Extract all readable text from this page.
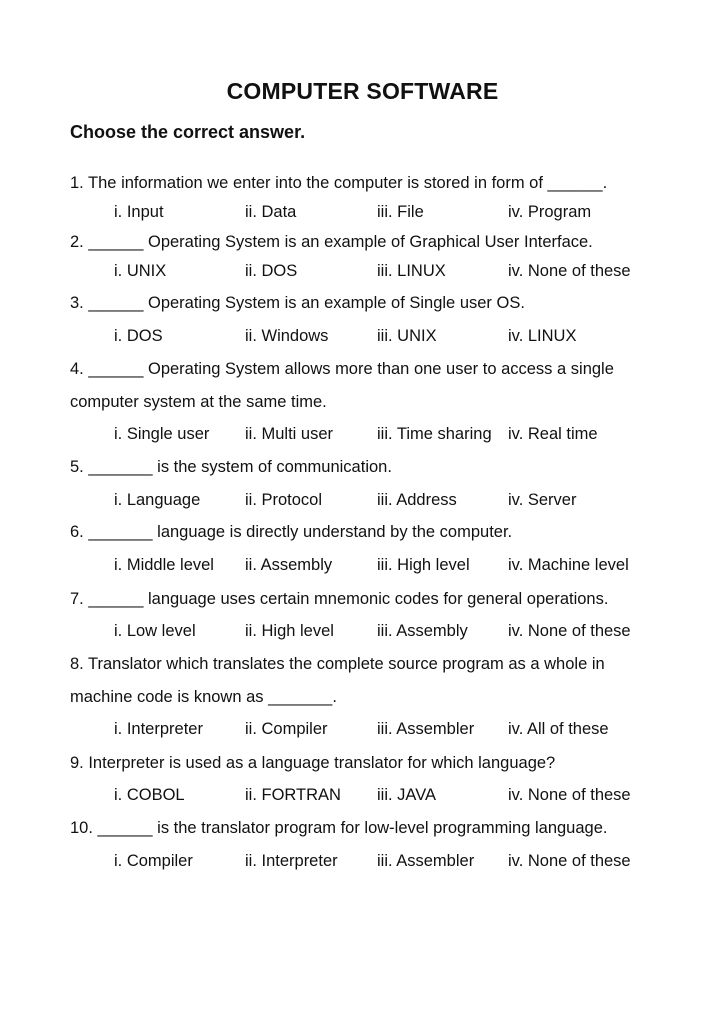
COMPUTER SOFTWARE
Choose the correct answer.
1. The information we enter into the computer is stored in form of ______.
i. Input	ii. Data	iii. File	iv. Program
2. ______ Operating System is an example of Graphical User Interface.
i. UNIX	ii. DOS	iii. LINUX	iv. None of these
3. ______ Operating System is an example of Single user OS.
i. DOS	ii. Windows	iii. UNIX	iv. LINUX
4. ______ Operating System allows more than one user to access a single
computer system at the same time.
i. Single user ii. Multi user	iii. Time sharing iv. Real time
5. _______ is the system of communication.
i. Language	ii. Protocol	iii. Address	iv. Server
6. _______ language is directly understand by the computer.
i. Middle level ii. Assembly	iii. High level iv. Machine level
7. ______ language uses certain mnemonic codes for general operations.
i. Low level	ii. High level	iii. Assembly iv. None of these
8. Translator which translates the complete source program as a whole in
machine code is known as _______.
i. Interpreter	ii. Compiler	iii. Assembler iv. All of these
9. Interpreter is used as a language translator for which language?
i. COBOL	ii. FORTRAN iii. JAVA	iv. None of these
10. ______ is the translator program for low-level programming language.
i. Compiler	ii. Interpreter iii. Assembler iv. None of these
